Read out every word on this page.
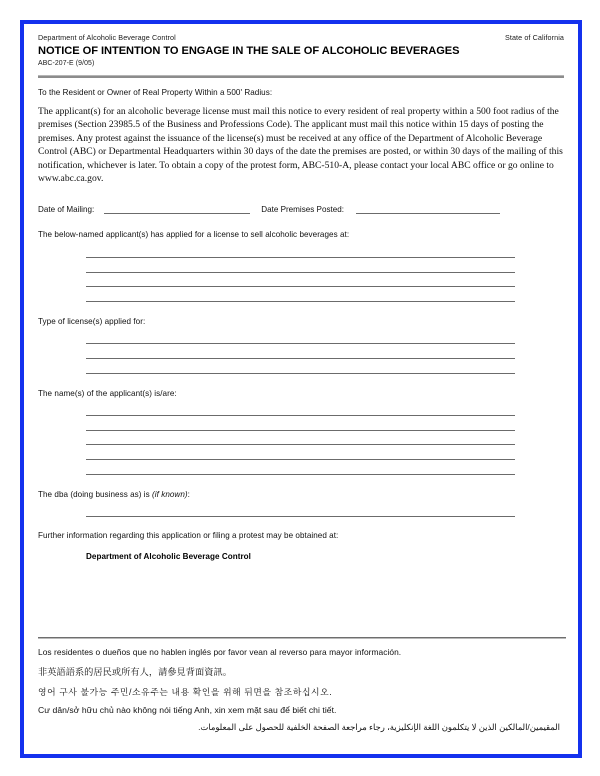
Department of Alcoholic Beverage Control	State of California
NOTICE OF INTENTION TO ENGAGE IN THE SALE OF ALCOHOLIC BEVERAGES
ABC-207-E (9/05)
To the Resident or Owner of Real Property Within a 500' Radius:
The applicant(s) for an alcoholic beverage license must mail this notice to every resident of real property within a 500 foot radius of the premises (Section 23985.5 of the Business and Professions Code). The applicant must mail this notice within 15 days of posting the premises. Any protest against the issuance of the license(s) must be received at any office of the Department of Alcoholic Beverage Control (ABC) or Departmental Headquarters within 30 days of the date the premises are posted, or within 30 days of the mailing of this notification, whichever is later. To obtain a copy of the protest form, ABC-510-A, please contact your local ABC office or go online to www.abc.ca.gov.
Date of Mailing:	Date Premises Posted:
The below-named applicant(s) has applied for a license to sell alcoholic beverages at:
Type of license(s) applied for:
The name(s) of the applicant(s) is/are:
The dba (doing business as) is (if known):
Further information regarding this application or filing a protest may be obtained at:
Department of Alcoholic Beverage Control
Los residentes o dueños que no hablen inglés por favor vean al reverso para mayor información.
非英語語系的居民或所有人，請參見背面資訊。
영어 구사 불가능 주민/소유주는 내용 확인을 위해 뒤면을 참조하십시오.
Cư dân/sở hữu chủ nào không nói tiếng Anh, xin xem mặt sau để biết chi tiết.
المقيمين/المالكين الذين لا يتكلمون اللغة الإنكليزية، رجاء مراجعة الصفحة الخلفية للحصول على المعلومات.
